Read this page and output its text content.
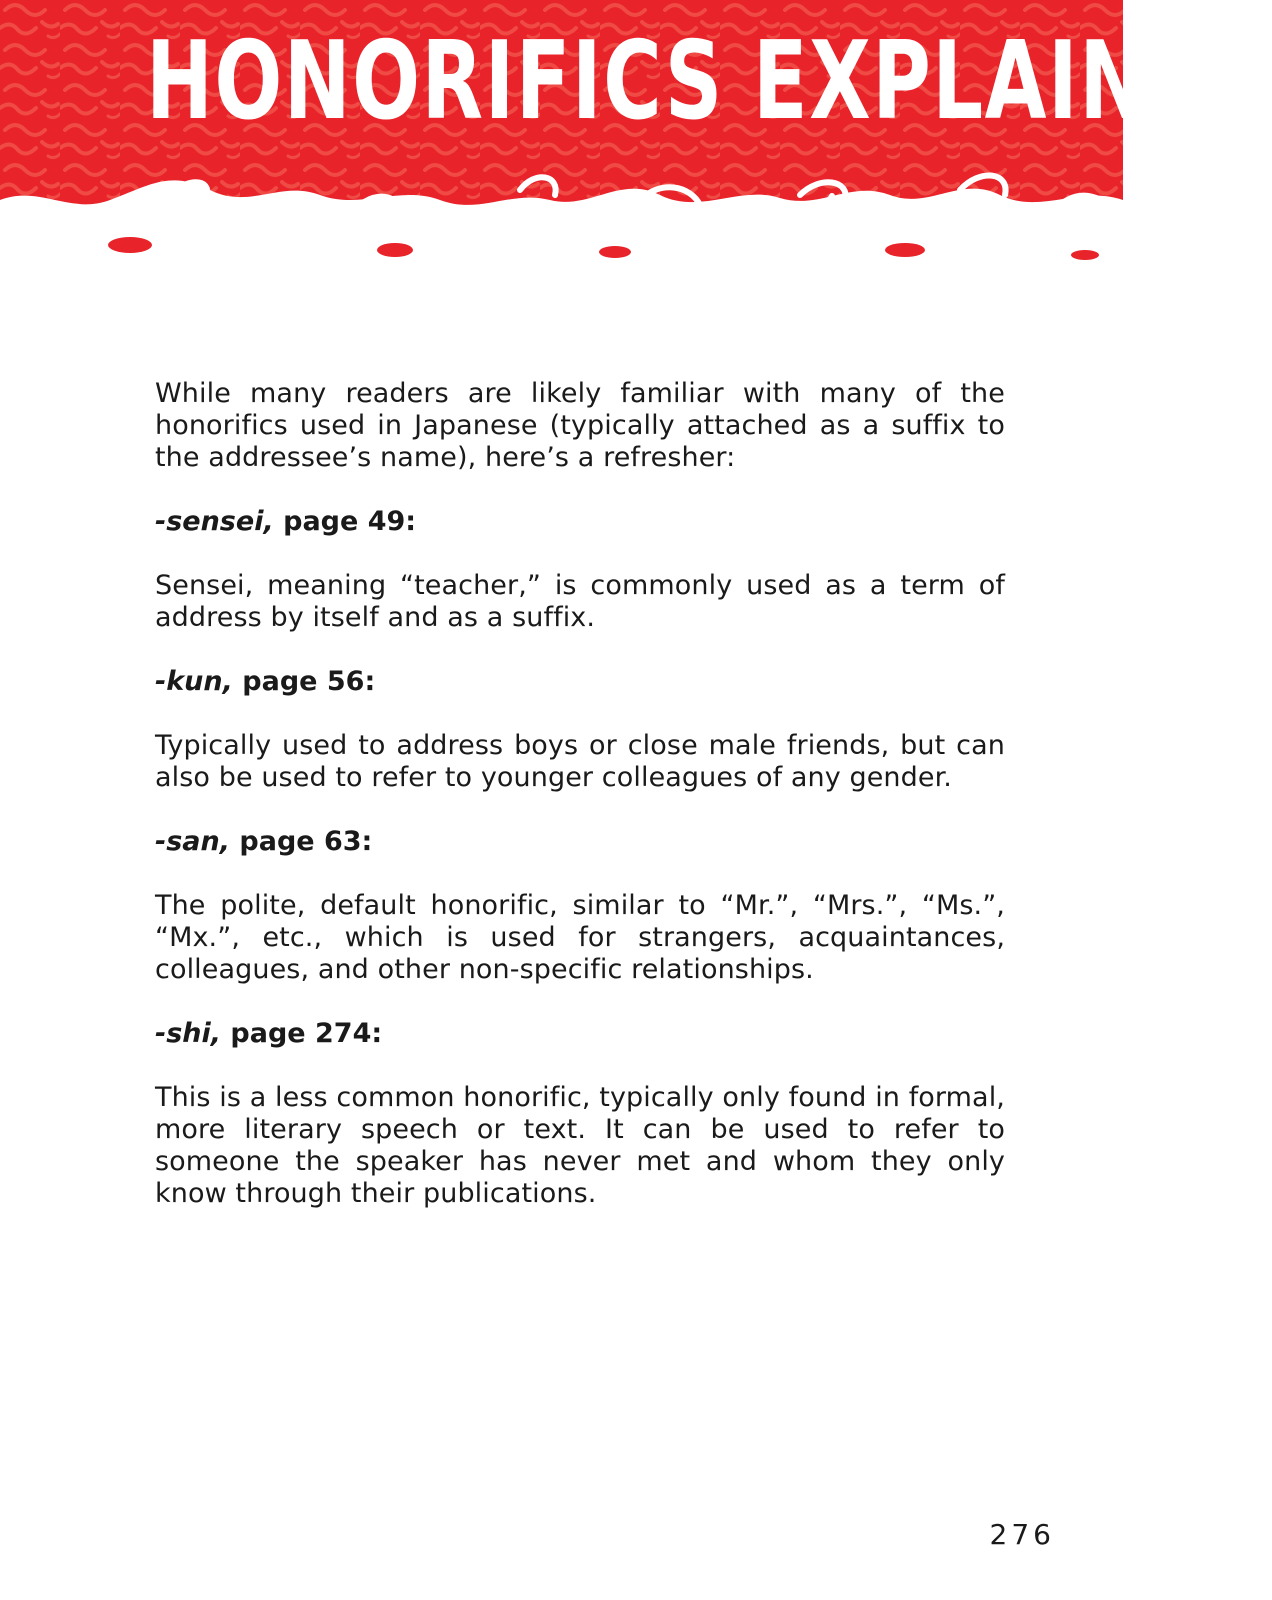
HONORIFICS EXPLAINED

While many readers are likely familiar with many of the honorifics used in Japanese (typically attached as a suffix to the addressee’s name), here’s a refresher:

-sensei, page 49:

Sensei, meaning “teacher,” is commonly used as a term of address by itself and as a suffix.

-kun, page 56:

Typically used to address boys or close male friends, but can also be used to refer to younger colleagues of any gender.

-san, page 63:

The polite, default honorific, similar to “Mr.”, “Mrs.”, “Ms.”, “Mx.”, etc., which is used for strangers, acquaintances, colleagues, and other non-specific relationships.

-shi, page 274:

This is a less common honorific, typically only found in formal, more literary speech or text. It can be used to refer to someone the speaker has never met and whom they only know through their publications.

276
